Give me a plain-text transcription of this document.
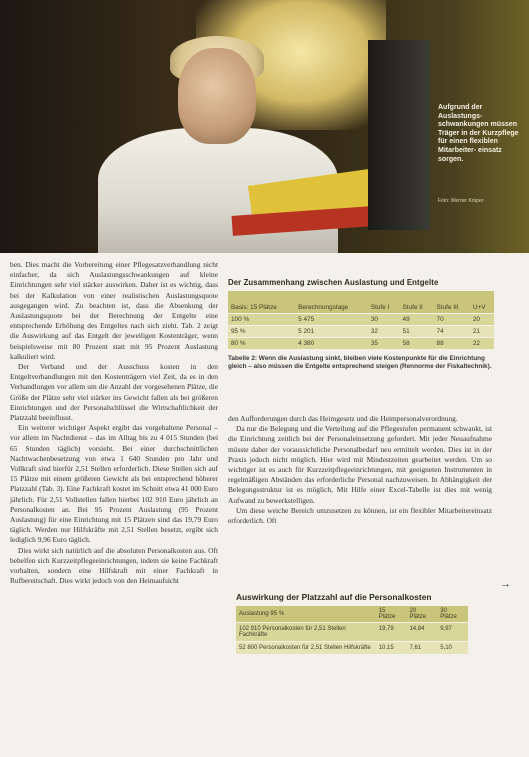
Aufgrund der Auslastungs- schwankungen müssen Träger in der Kurzpflege für einen flexiblen Mitarbeiter- einsatz sorgen.
Foto: Werner Krüper

ben. Dies macht die Vorbereitung einer Pflegesatzverhandlung nicht einfacher, da sich Auslastungsschwankungen auf kleine Einrichtungen sehr viel stärker auswirken. Daher ist es wichtig, dass bei der Kalkulation von einer realistischen Auslastungsquote ausgegangen wird. Zu beachten ist, dass die Absenkung der Auslastungsquote bei der Berechnung der Entgelte eine entsprechende Erhöhung des Entgeltes nach sich zieht. Tab. 2 zeigt die Auswirkung auf das Entgelt der jeweiligen Kostenträger, wenn beispielsweise mit 80 Prozent statt mit 95 Prozent Auslastung kalkuliert wird.

Der Verband und der Ausschuss kosten in den Entgeltverhandlungen mit den Kostenträgern viel Zeit, da es in den Verhandlungen vor allem um die Anzahl der vorgesehenen Plätze, die Größe der Plätze sehr viel stärker ins Gewicht fallen als bei größeren Einrichtungen und der Personalschlüssel die Wirtschaftlichkeit der Platzzahl beeinflusst.

Ein weiterer wichtiger Aspekt ergibt das vorgehaltene Personal – vor allem im Nachtdienst – das im Alltag bis zu 4 015 Stunden (bei 65 Stunden täglich) vorsieht. Bei einer durchschnittlichen Nachtwachenbesetzung von etwa 1 640 Stunden pro Jahr und Vollkraft sind hierfür 2,51 Stellen erforderlich. Diese Stellen sich auf 15 Plätze mit einem größeren Gewicht als bei entsprechend höherer Platzzahl (Tab. 3). Eine Fachkraft kostet im Schnitt etwa 41 000 Euro jährlich. Für 2,51 Vollstellen fallen hierbei 102 910 Euro jährlich an Personalkosten an. Bei 95 Prozent Auslastung (95 Prozent Auslastung) für eine Einrichtung mit 15 Plätzen sind das 19,79 Euro täglich. Werden nur Hilfskräfte mit 2,51 Stellen besetzt, ergibt sich lediglich 9,96 Euro täglich.

Dies wirkt sich natürlich auf die absoluten Personalkosten aus. Oft behelfen sich Kurzzeitpflegeeinrichtungen, indem sie keine Fachkraft vorhalten, sondern eine Hilfskraft mit einer Fachkraft in Rufbereitschaft. Dies wirkt jedoch von den Heimaufsicht

Der Zusammenhang zwischen Auslastung und Entgelte
Basis: 15 Plätze	Berechnungstage	Stufe I	Stufe II	Stufe III	U+V
100 %	5 475	30	49	70	20
95 %	5 201	32	51	74	21
80 %	4 380	35	58	88	22
Tabelle 2: Wenn die Auslastung sinkt, bleiben viele Kostenpunkte für die Einrichtung gleich – also müssen die Entgelte entsprechend steigen (Rennorme der Fiskaltechnik).

den Aufforderungen durch das Heimgesetz und die Heimpersonalverordnung.

Da nur die Belegung und die Verteilung auf die Pflegestufen permanent schwankt, ist die Einrichtung zeitlich bei der Personaleinsetzung gefordert. Mit jeder Neuaufnahme müsste daher der voraussichtliche Personalbedarf neu ermittelt werden. Dies ist in der Praxis jedoch nicht möglich. Hier wird mit Mindestzeiten gearbeitet werden. Um so wichtiger ist es auch für Kurzzeitpflegeeinrichtungen, mit geeigneten Instrumenten in regelmäßigen Abständen das erforderliche Personal nachzuweisen. In Abhängigkeit der Belegungsstruktur ist es möglich, Mit Hilfe einer Excel-Tabelle ist dies mit wenig Aufwand zu bewerkstelligen.

Um diese weiche Bereich umzusetzen zu können, ist ein flexibler Mitarbeitereinsatz erforderlich. Oft

→
Auswirkung der Platzzahl auf die Personalkosten
Auslastung 95 %	15 Plätze	20 Plätze	30 Plätze
102 910 Personalkosten für 2,51 Stellen Fachkräfte	19,79	14,84	9,97
52 800 Personalkosten für 2,51 Stellen Hilfskräfte	10,15	7,61	5,10
